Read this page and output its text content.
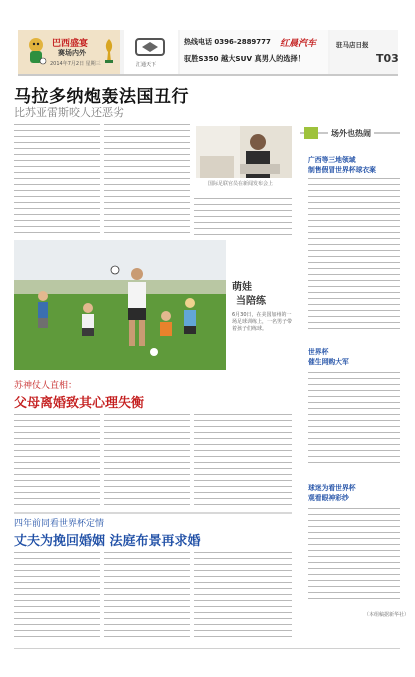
巴西盛宴
赛场内外
2014年7月2日 星期三	汇通天下
热线电话 0396-2889777 红晨汽车
驭胜S350 越大SUV 真男人的选择！
驻马店日报
T03
马拉多纳炮轰法国丑行
比苏亚雷斯咬人还恶劣
国际足联官员在新闻发布会上
场外也热闹
广西等三地领域
制售假冒世界杯球衣案
世界杯
催生网购大军
球迷为看世界杯
观看眼神彩纱
（本组稿据新华社）
萌娃
当陪练
6月30日，在美国加州的一场足球训练上，一名男子带着孩子们练球。
苏神仗人直相：
父母离婚致其心理失衡
四年前同看世界杯定情
丈夫为挽回婚姻 法庭布景再求婚
